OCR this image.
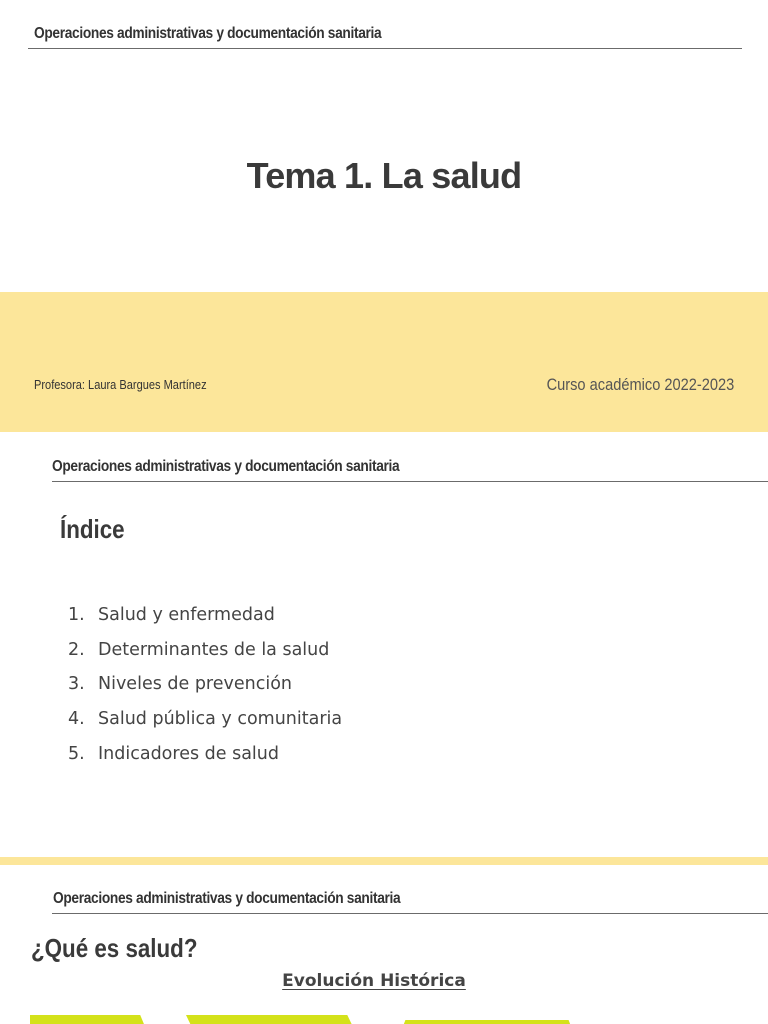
Operaciones administrativas y documentación sanitaria
Tema 1. La salud
Profesora: Laura Bargues Martínez	Curso académico 2022-2023
Operaciones administrativas y documentación sanitaria
Índice
1. Salud y enfermedad
2. Determinantes de la salud
3. Niveles de prevención
4. Salud pública y comunitaria
5. Indicadores de salud
Operaciones administrativas y documentación sanitaria
¿Qué es salud?
Evolución Histórica
